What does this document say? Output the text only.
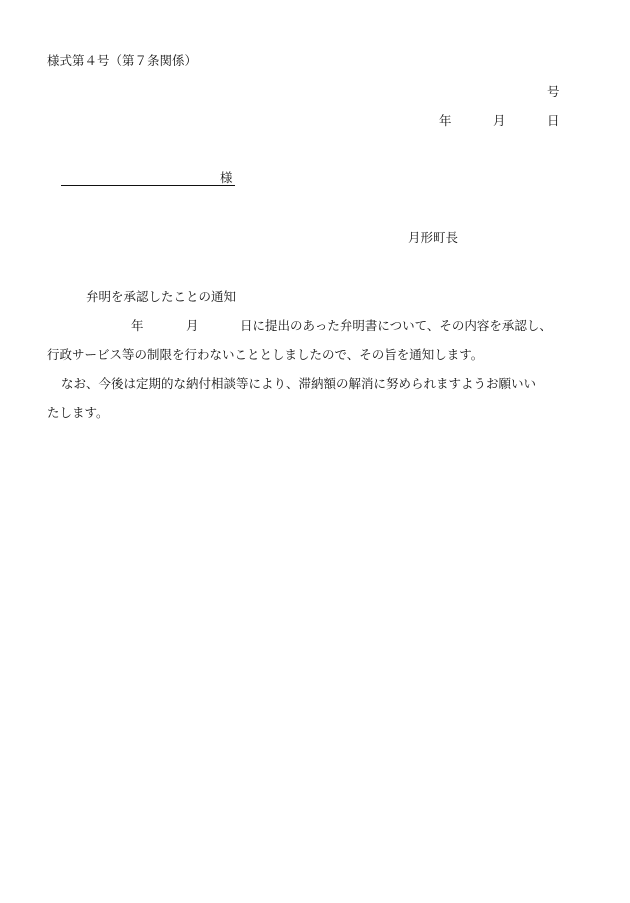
様式第４号（第７条関係）
号
年	月	日
様
月形町長
弁明を承認したことの通知
年	月	日に提出のあった弁明書について、その内容を承認し、
行政サービス等の制限を行わないこととしましたので、その旨を通知します。
なお、今後は定期的な納付相談等により、滞納額の解消に努められますようお願いい
たします。
